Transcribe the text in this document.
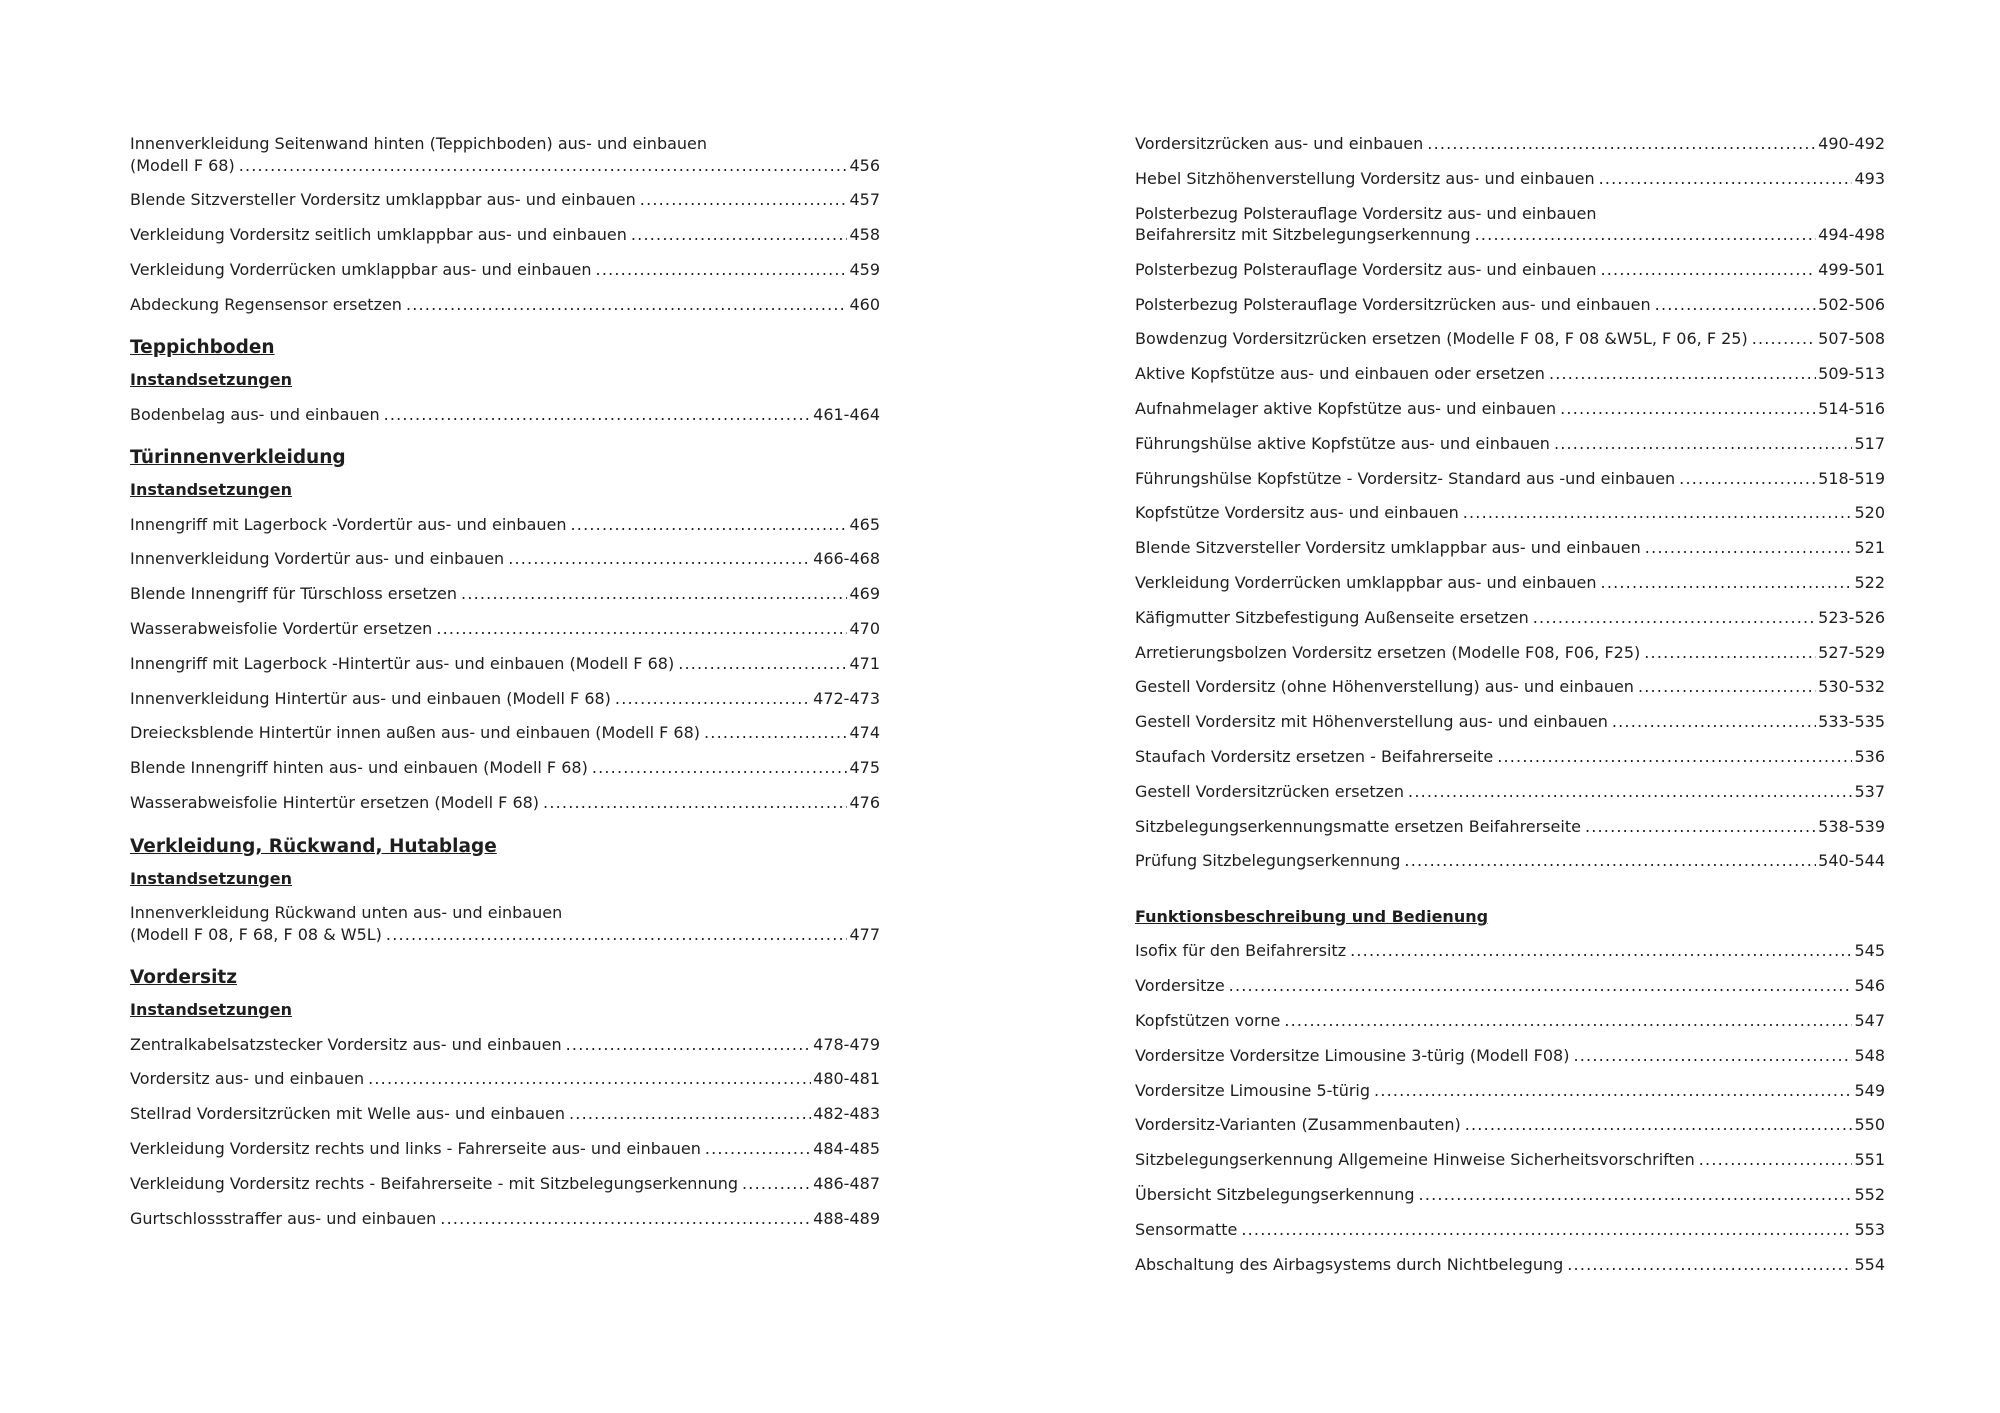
Innenverkleidung Seitenwand hinten (Teppichboden) aus- und einbauen
(Modell F 68) .....	456
Blende Sitzversteller Vordersitz umklappbar aus- und einbauen .....	457
Verkleidung Vordersitz seitlich umklappbar aus- und einbauen .....	458
Verkleidung Vorderrücken umklappbar aus- und einbauen .....	459
Abdeckung Regensensor ersetzen .....	460
Teppichboden
Instandsetzungen
Bodenbelag aus- und einbauen .....	461-464
Türinnenverkleidung
Instandsetzungen
Innengriff mit Lagerbock -Vordertür aus- und einbauen .....	465
Innenverkleidung Vordertür aus- und einbauen .....	466-468
Blende Innengriff für Türschloss ersetzen .....	469
Wasserabweisfolie Vordertür ersetzen .....	470
Innengriff mit Lagerbock -Hintertür aus- und einbauen (Modell F 68) .....	471
Innenverkleidung Hintertür aus- und einbauen (Modell F 68) .....	472-473
Dreiecksblende Hintertür innen außen aus- und einbauen (Modell F 68) .....	474
Blende Innengriff hinten aus- und einbauen (Modell F 68) .....	475
Wasserabweisfolie Hintertür ersetzen (Modell F 68) .....	476
Verkleidung, Rückwand, Hutablage
Instandsetzungen
Innenverkleidung Rückwand unten aus- und einbauen
(Modell F 08, F 68, F 08 & W5L) .....	477
Vordersitz
Instandsetzungen
Zentralkabelsatzstecker Vordersitz aus- und einbauen .....	478-479
Vordersitz aus- und einbauen .....	480-481
Stellrad Vordersitzrücken mit Welle aus- und einbauen .....	482-483
Verkleidung Vordersitz rechts und links - Fahrerseite aus- und einbauen .....	484-485
Verkleidung Vordersitz rechts - Beifahrerseite - mit Sitzbelegungserkennung .....	486-487
Gurtschlossstraffer aus- und einbauen .....	488-489
Vordersitzrücken aus- und einbauen .....	490-492
Hebel Sitzhöhenverstellung Vordersitz aus- und einbauen .....	493
Polsterbezug Polsterauflage Vordersitz aus- und einbauen
Beifahrersitz mit Sitzbelegungserkennung .....	494-498
Polsterbezug Polsterauflage Vordersitz aus- und einbauen .....	499-501
Polsterbezug Polsterauflage Vordersitzrücken aus- und einbauen .....	502-506
Bowdenzug Vordersitzrücken ersetzen (Modelle F 08, F 08 &W5L, F 06, F 25) .....	507-508
Aktive Kopfstütze aus- und einbauen oder ersetzen .....	509-513
Aufnahmelager aktive Kopfstütze aus- und einbauen .....	514-516
Führungshülse aktive Kopfstütze aus- und einbauen .....	517
Führungshülse Kopfstütze - Vordersitz- Standard aus -und einbauen .....	518-519
Kopfstütze Vordersitz aus- und einbauen .....	520
Blende Sitzversteller Vordersitz umklappbar aus- und einbauen .....	521
Verkleidung Vorderrücken umklappbar aus- und einbauen .....	522
Käfigmutter Sitzbefestigung Außenseite ersetzen .....	523-526
Arretierungsbolzen Vordersitz ersetzen (Modelle F08, F06, F25) .....	527-529
Gestell Vordersitz (ohne Höhenverstellung) aus- und einbauen .....	530-532
Gestell Vordersitz mit Höhenverstellung aus- und einbauen .....	533-535
Staufach Vordersitz ersetzen - Beifahrerseite .....	536
Gestell Vordersitzrücken ersetzen .....	537
Sitzbelegungserkennungsmatte ersetzen Beifahrerseite .....	538-539
Prüfung Sitzbelegungserkennung .....	540-544
Funktionsbeschreibung und Bedienung
Isofix für den Beifahrersitz .....	545
Vordersitze .....	546
Kopfstützen vorne .....	547
Vordersitze Vordersitze Limousine 3-türig (Modell F08) .....	548
Vordersitze Limousine 5-türig .....	549
Vordersitz-Varianten (Zusammenbauten) .....	550
Sitzbelegungserkennung Allgemeine Hinweise Sicherheitsvorschriften .....	551
Übersicht Sitzbelegungserkennung .....	552
Sensormatte .....	553
Abschaltung des Airbagsystems durch Nichtbelegung .....	554
